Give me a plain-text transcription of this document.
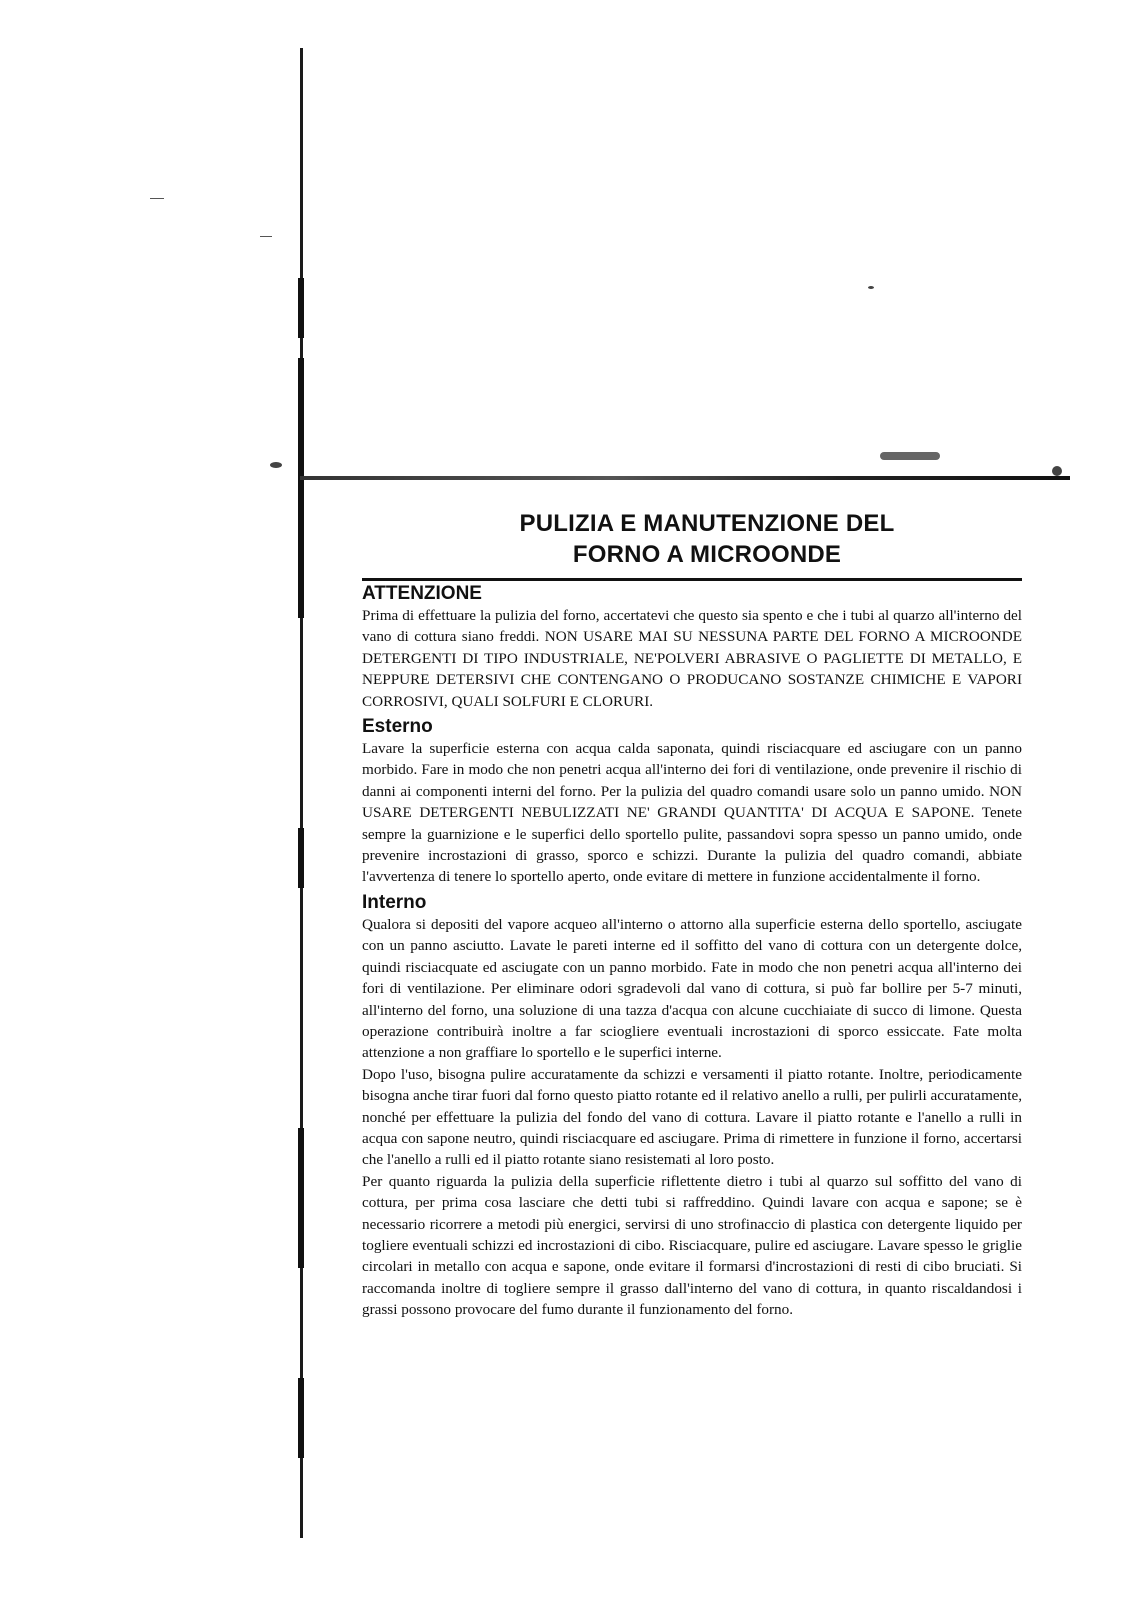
PULIZIA E MANUTENZIONE DEL
FORNO A MICROONDE
ATTENZIONE

Prima di effettuare la pulizia del forno, accertatevi che questo sia spento e che i tubi al quarzo all'interno del vano di cottura siano freddi. NON USARE MAI SU NESSUNA PARTE DEL FORNO A MICROONDE DETERGENTI DI TIPO INDUSTRIALE, NE'POLVERI ABRASIVE O PAGLIETTE DI METALLO, E NEPPURE DETERSIVI CHE CONTENGANO O PRODUCANO SOSTANZE CHIMICHE E VAPORI CORROSIVI, QUALI SOLFURI E CLORURI.

Esterno

Lavare la superficie esterna con acqua calda saponata, quindi risciacquare ed asciugare con un panno morbido. Fare in modo che non penetri acqua all'interno dei fori di ventilazione, onde prevenire il rischio di danni ai componenti interni del forno. Per la pulizia del quadro comandi usare solo un panno umido. NON USARE DETERGENTI NEBULIZZATI NE' GRANDI QUANTITA' DI ACQUA E SAPONE. Tenete sempre la guarnizione e le superfici dello sportello pulite, passandovi sopra spesso un panno umido, onde prevenire incrostazioni di grasso, sporco e schizzi. Durante la pulizia del quadro comandi, abbiate l'avvertenza di tenere lo sportello aperto, onde evitare di mettere in funzione accidentalmente il forno.

Interno

Qualora si depositi del vapore acqueo all'interno o attorno alla superficie esterna dello sportello, asciugate con un panno asciutto. Lavate le pareti interne ed il soffitto del vano di cottura con un detergente dolce, quindi risciacquate ed asciugate con un panno morbido. Fate in modo che non penetri acqua all'interno dei fori di ventilazione. Per eliminare odori sgradevoli dal vano di cottura, si può far bollire per 5-7 minuti, all'interno del forno, una soluzione di una tazza d'acqua con alcune cucchiaiate di succo di limone. Questa operazione contribuirà inoltre a far sciogliere eventuali incrostazioni di sporco essiccate. Fate molta attenzione a non graffiare lo sportello e le superfici interne.

Dopo l'uso, bisogna pulire accuratamente da schizzi e versamenti il piatto rotante. Inoltre, periodicamente bisogna anche tirar fuori dal forno questo piatto rotante ed il relativo anello a rulli, per pulirli accuratamente, nonché per effettuare la pulizia del fondo del vano di cottura. Lavare il piatto rotante e l'anello a rulli in acqua con sapone neutro, quindi risciacquare ed asciugare. Prima di rimettere in funzione il forno, accertarsi che l'anello a rulli ed il piatto rotante siano resistemati al loro posto.

Per quanto riguarda la pulizia della superficie riflettente dietro i tubi al quarzo sul soffitto del vano di cottura, per prima cosa lasciare che detti tubi si raffreddino. Quindi lavare con acqua e sapone; se è necessario ricorrere a metodi più energici, servirsi di uno strofinaccio di plastica con detergente liquido per togliere eventuali schizzi ed incrostazioni di cibo. Risciacquare, pulire ed asciugare. Lavare spesso le griglie circolari in metallo con acqua e sapone, onde evitare il formarsi d'incrostazioni di resti di cibo bruciati. Si raccomanda inoltre di togliere sempre il grasso dall'interno del vano di cottura, in quanto riscaldandosi i grassi possono provocare del fumo durante il funzionamento del forno.
